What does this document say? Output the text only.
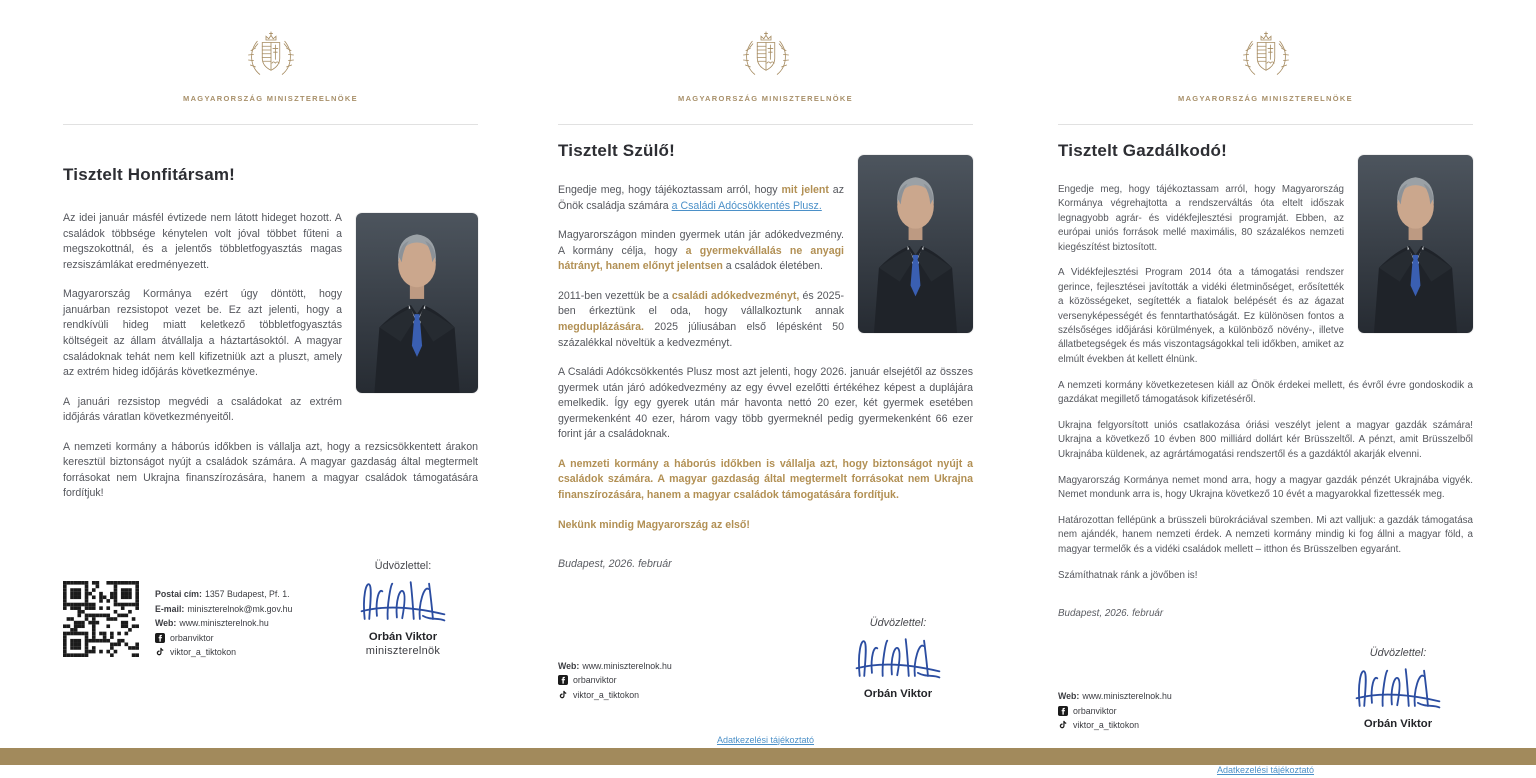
MAGYARORSZÁG MINISZTERELNÖKE
Tisztelt Honfitársam!

Az idei január másfél évtizede nem látott hideget hozott. A családok többsége kénytelen volt jóval többet fűteni a megszokottnál, és a jelentős többletfogyasztás magas rezsiszámlákat eredményezett.

Magyarország Kormánya ezért úgy döntött, hogy januárban rezsistopot vezet be. Ez azt jelenti, hogy a rendkívüli hideg miatt keletkező többletfogyasztás költségeit az állam átvállalja a háztartásoktól. A magyar családoknak tehát nem kell kifizetniük azt a pluszt, amely az extrém hideg időjárás következménye.

A januári rezsistop megvédi a családokat az extrém időjárás váratlan következményeitől.

A nemzeti kormány a háborús időkben is vállalja azt, hogy a rezsicsökkentett árakon keresztül biztonságot nyújt a családok számára. A magyar gazdaság által megtermelt forrásokat nem Ukrajna finanszírozására, hanem a magyar családok támogatására fordítjuk!

Postai cím: 1357 Budapest, Pf. 1.
E-mail: miniszterelnok@mk.gov.hu
Web: www.miniszterelnok.hu
orbanviktor
viktor_a_tiktokon
Üdvözlettel:
Orbán Viktor
miniszterelnök
MAGYARORSZÁG MINISZTERELNÖKE
Tisztelt Szülő!

Engedje meg, hogy tájékoztassam arról, hogy mit jelent az Önök családja számára a Családi Adócsökkentés Plusz.

Magyarországon minden gyermek után jár adókedvezmény. A kormány célja, hogy a gyermekvállalás ne anyagi hátrányt, hanem előnyt jelentsen a családok életében.

2011-ben vezettük be a családi adókedvezményt, és 2025-ben érkeztünk el oda, hogy vállalkoztunk annak megduplázására. 2025 júliusában első lépésként 50 százalékkal növeltük a kedvezményt.

A Családi Adókcsökkentés Plusz most azt jelenti, hogy 2026. január elsejétől az összes gyermek után járó adókedvezmény az egy évvel ezelőtti értékéhez képest a duplájára emelkedik. Így egy gyerek után már havonta nettó 20 ezer, két gyermek esetében gyermekenként 40 ezer, három vagy több gyermeknél pedig gyermekenként 66 ezer forint jár a családoknak.

A nemzeti kormány a háborús időkben is vállalja azt, hogy biztonságot nyújt a családok számára. A magyar gazdaság által megtermelt forrásokat nem Ukrajna finanszírozására, hanem a magyar családok támogatására fordítjuk.

Nekünk mindig Magyarország az első!

Budapest, 2026. február

Web: www.miniszterelnok.hu
orbanviktor
viktor_a_tiktokon
Üdvözlettel:
Orbán Viktor
Adatkezelési tájékoztató
MAGYARORSZÁG MINISZTERELNÖKE
Tisztelt Gazdálkodó!

Engedje meg, hogy tájékoztassam arról, hogy Magyarország Kormánya végrehajtotta a rendszerváltás óta eltelt időszak legnagyobb agrár- és vidékfejlesztési programját. Ebben, az európai uniós források mellé maximális, 80 százalékos nemzeti kiegészítést biztosított.

A Vidékfejlesztési Program 2014 óta a támogatási rendszer gerince, fejlesztései javították a vidéki életminőséget, erősítették a közösségeket, segítették a fiatalok belépését és az ágazat versenyképességét és fenntarthatóságát. Ez különösen fontos a szélsőséges időjárási körülmények, a különböző növény-, illetve állatbetegségek és más viszontagságokkal teli időkben, amiket az elmúlt években át kellett élnünk.

A nemzeti kormány következetesen kiáll az Önök érdekei mellett, és évről évre gondoskodik a gazdákat megillető támogatások kifizetéséről.

Ukrajna felgyorsított uniós csatlakozása óriási veszélyt jelent a magyar gazdák számára! Ukrajna a következő 10 évben 800 milliárd dollárt kér Brüsszeltől. A pénzt, amit Brüsszelből Ukrajnába küldenek, az agrártámogatási rendszertől és a gazdáktól akarják elvenni.

Magyarország Kormánya nemet mond arra, hogy a magyar gazdák pénzét Ukrajnába vigyék. Nemet mondunk arra is, hogy Ukrajna következő 10 évét a magyarokkal fizettessék meg.

Határozottan fellépünk a brüsszeli bürokráciával szemben. Mi azt valljuk: a gazdák támogatása nem ajándék, hanem nemzeti érdek. A nemzeti kormány mindig ki fog állni a magyar föld, a magyar termelők és a vidéki családok mellett – itthon és Brüsszelben egyaránt.

Számíthatnak ránk a jövőben is!

Budapest, 2026. február

Web: www.miniszterelnok.hu
orbanviktor
viktor_a_tiktokon
Üdvözlettel:
Orbán Viktor
Adatkezelési tájékoztató
